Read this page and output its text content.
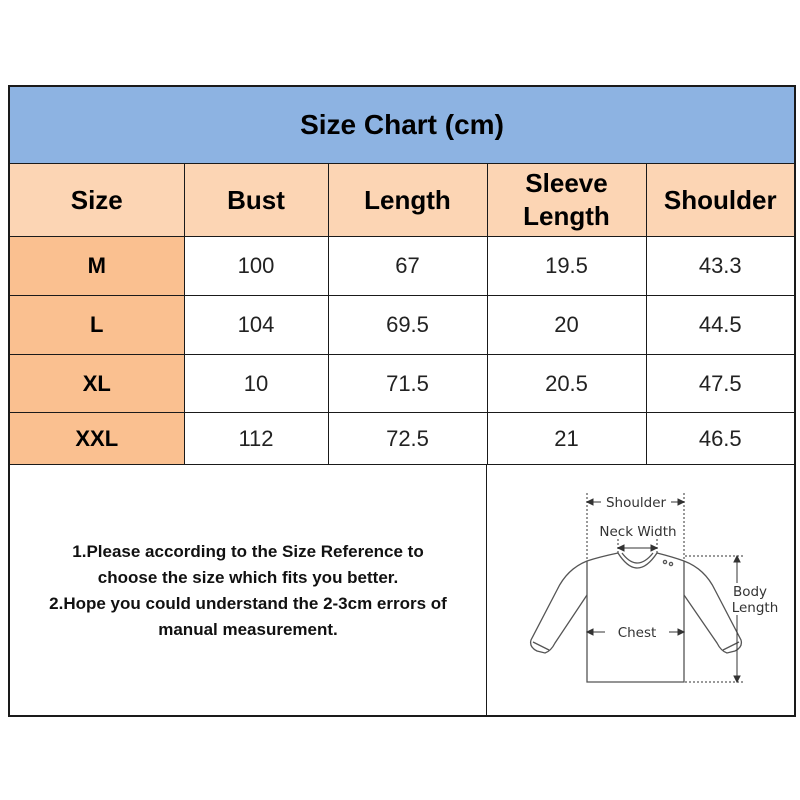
Size Chart (cm)
Size	Bust	Length	Sleeve Length	Shoulder
M	100	67	19.5	43.3
L	104	69.5	20	44.5
XL	10	71.5	20.5	47.5
XXL	112	72.5	21	46.5
1.Please according to the Size Reference to choose the size which fits you better.
2.Hope you could understand the 2-3cm errors of manual measurement.
Shoulder
Neck Width
Chest
Body
Length
